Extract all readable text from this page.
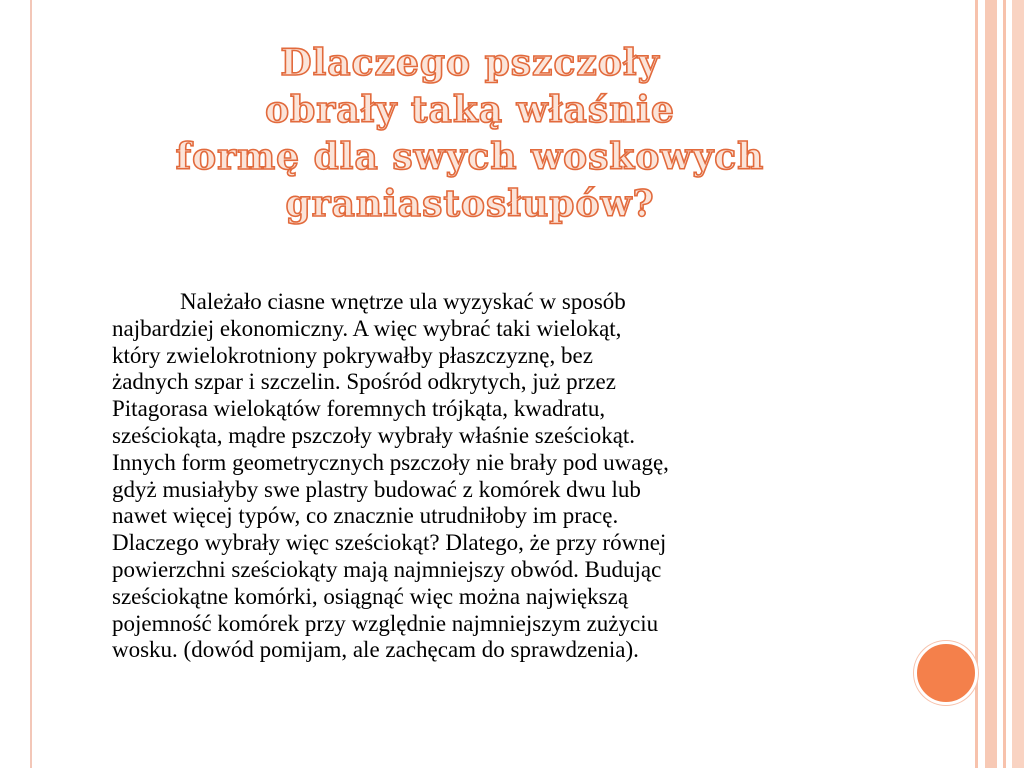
Dlaczego pszczoły
obrały taką właśnie
formę dla swych woskowych
graniastosłupów?
Należało ciasne wnętrze ula wyzyskać w sposób
najbardziej ekonomiczny. A więc wybrać taki wielokąt,
który zwielokrotniony pokrywałby płaszczyznę, bez
żadnych szpar i szczelin. Spośród odkrytych, już przez
Pitagorasa wielokątów foremnych trójkąta, kwadratu,
sześciokąta, mądre pszczoły wybrały właśnie sześciokąt.
Innych form geometrycznych pszczoły nie brały pod uwagę,
gdyż musiałyby swe plastry budować z komórek dwu lub
nawet więcej typów, co znacznie utrudniłoby im pracę.
Dlaczego wybrały więc sześciokąt? Dlatego, że przy równej
powierzchni sześciokąty mają najmniejszy obwód. Budując
sześciokątne komórki, osiągnąć więc można największą
pojemność komórek przy względnie najmniejszym zużyciu
wosku. (dowód pomijam, ale zachęcam do sprawdzenia).
